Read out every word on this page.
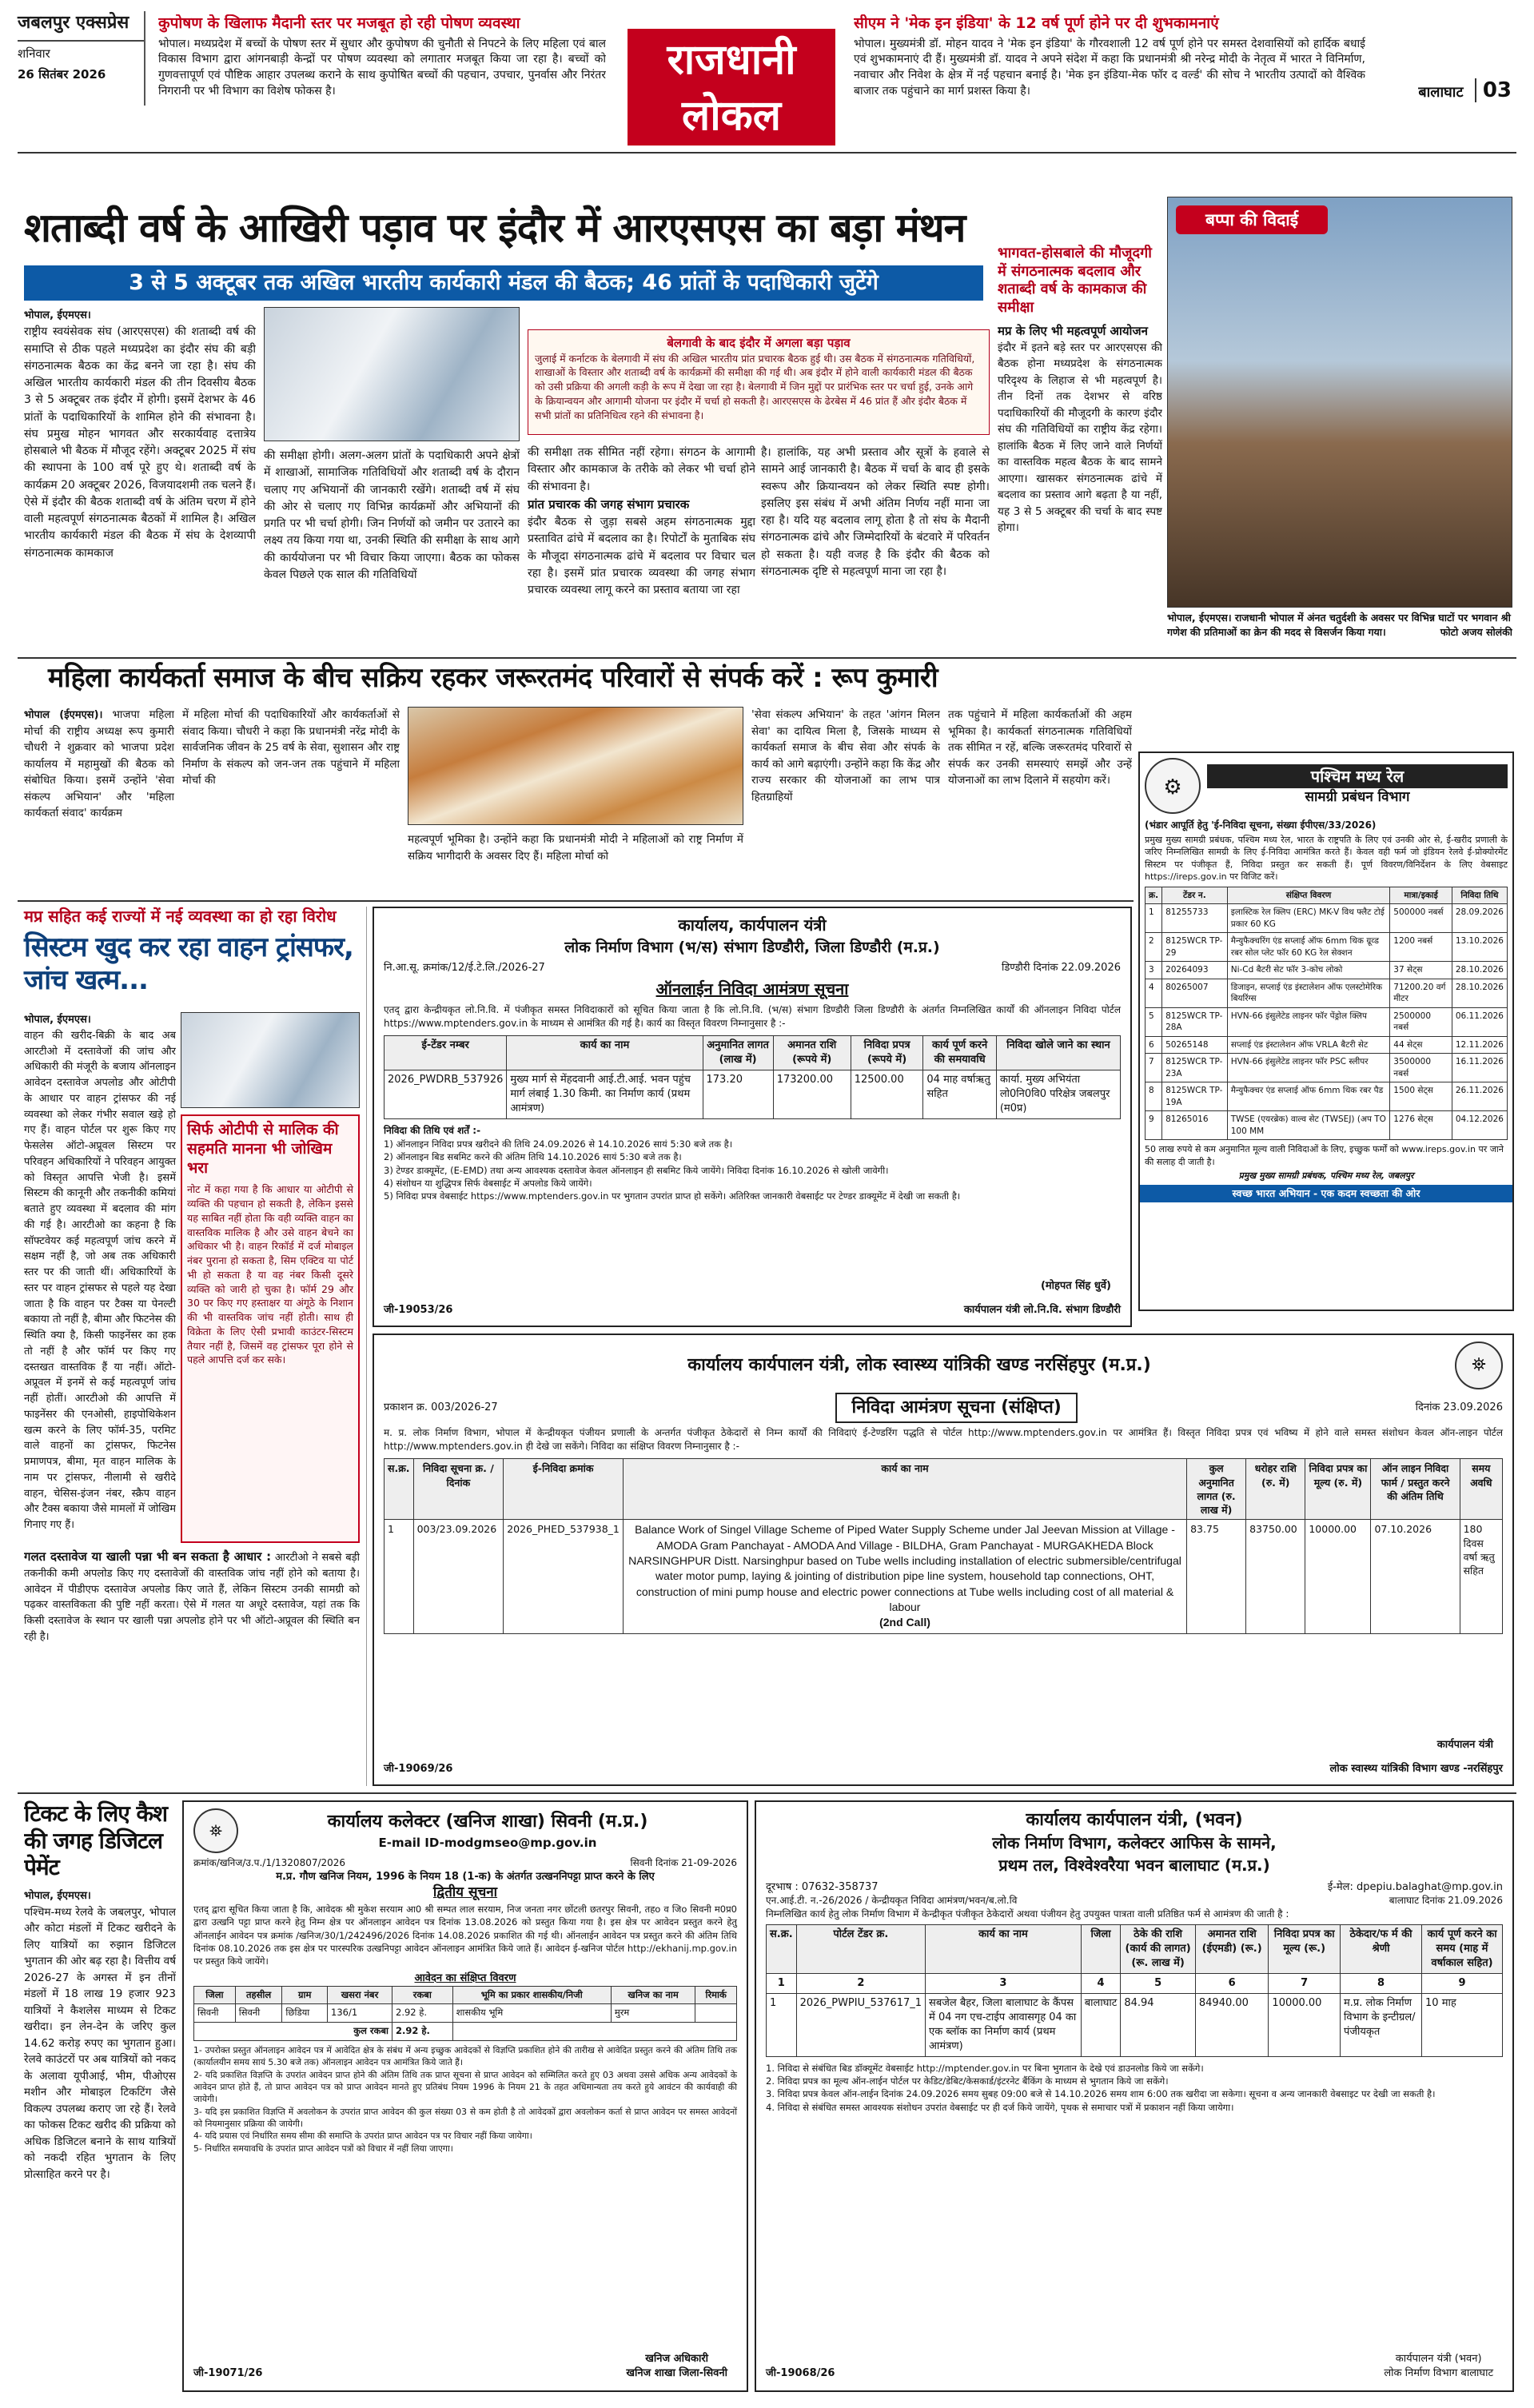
जबलपुर एक्सप्रेस
शनिवार
26 सितंबर 2026
कुपोषण के खिलाफ मैदानी स्तर पर मजबूत हो रही पोषण व्यवस्था
भोपाल। मध्यप्रदेश में बच्चों के पोषण स्तर में सुधार और कुपोषण की चुनौती से निपटने के लिए महिला एवं बाल विकास विभाग द्वारा आंगनबाड़ी केन्द्रों पर पोषण व्यवस्था को लगातार मजबूत किया जा रहा है। बच्चों को गुणवत्तापूर्ण एवं पौष्टिक आहार उपलब्ध कराने के साथ कुपोषित बच्चों की पहचान, उपचार, पुनर्वास और निरंतर निगरानी पर भी विभाग का विशेष फोकस है।
राजधानी
लोकल
सीएम ने 'मेक इन इंडिया' के 12 वर्ष पूर्ण होने पर दी शुभकामनाएं
भोपाल। मुख्यमंत्री डॉ. मोहन यादव ने 'मेक इन इंडिया' के गौरवशाली 12 वर्ष पूर्ण होने पर समस्त देशवासियों को हार्दिक बधाई एवं शुभकामनाएं दी हैं। मुख्यमंत्री डॉ. यादव ने अपने संदेश में कहा कि प्रधानमंत्री श्री नरेन्द्र मोदी के नेतृत्व में भारत ने विनिर्माण, नवाचार और निवेश के क्षेत्र में नई पहचान बनाई है। 'मेक इन इंडिया-मेक फॉर द वर्ल्ड' की सोच ने भारतीय उत्पादों को वैश्विक बाजार तक पहुंचाने का मार्ग प्रशस्त किया है।	बालाघाट 03
शताब्दी वर्ष के आखिरी पड़ाव पर इंदौर में आरएसएस का बड़ा मंथन
3 से 5 अक्टूबर तक अखिल भारतीय कार्यकारी मंडल की बैठक; 46 प्रांतों के पदाधिकारी जुटेंगे
भोपाल, ईएमएस।
राष्ट्रीय स्वयंसेवक संघ (आरएसएस) की शताब्दी वर्ष की समाप्ति से ठीक पहले मध्यप्रदेश का इंदौर संघ की बड़ी संगठनात्मक बैठक का केंद्र बनने जा रहा है। संघ की अखिल भारतीय कार्यकारी मंडल की तीन दिवसीय बैठक 3 से 5 अक्टूबर तक इंदौर में होगी। इसमें देशभर के 46 प्रांतों के पदाधिकारियों के शामिल होने की संभावना है। संघ प्रमुख मोहन भागवत और सरकार्यवाह दत्तात्रेय होसबाले भी बैठक में मौजूद रहेंगे। अक्टूबर 2025 में संघ की स्थापना के 100 वर्ष पूरे हुए थे। शताब्दी वर्ष के कार्यक्रम 20 अक्टूबर 2026, विजयादशमी तक चलने हैं। ऐसे में इंदौर की बैठक शताब्दी वर्ष के अंतिम चरण में होने वाली महत्वपूर्ण संगठनात्मक बैठकों में शामिल है। अखिल भारतीय कार्यकारी मंडल की बैठक में संघ के देशव्यापी संगठनात्मक कामकाज
की समीक्षा होगी। अलग-अलग प्रांतों के पदाधिकारी अपने क्षेत्रों में शाखाओं, सामाजिक गतिविधियों और शताब्दी वर्ष के दौरान चलाए गए अभियानों की जानकारी रखेंगे। शताब्दी वर्ष में संघ की ओर से चलाए गए विभिन्न कार्यक्रमों और अभियानों की प्रगति पर भी चर्चा होगी। जिन निर्णयों को जमीन पर उतारने का लक्ष्य तय किया गया था, उनकी स्थिति की समीक्षा के साथ आगे की कार्ययोजना पर भी विचार किया जाएगा। बैठक का फोकस केवल पिछले एक साल की गतिविधियों
बेलगावी के बाद इंदौर में अगला बड़ा पड़ाव
जुलाई में कर्नाटक के बेलगावी में संघ की अखिल भारतीय प्रांत प्रचारक बैठक हुई थी। उस बैठक में संगठनात्मक गतिविधियों, शाखाओं के विस्तार और शताब्दी वर्ष के कार्यक्रमों की समीक्षा की गई थी। अब इंदौर में होने वाली कार्यकारी मंडल की बैठक को उसी प्रक्रिया की अगली कड़ी के रूप में देखा जा रहा है। बेलगावी में जिन मुद्दों पर प्रारंभिक स्तर पर चर्चा हुई, उनके आगे के क्रियान्वयन और आगामी योजना पर इंदौर में चर्चा हो सकती है। आरएसएस के ढेरबेस में 46 प्रांत हैं और इंदौर बैठक में सभी प्रांतों का प्रतिनिधित्व रहने की संभावना है।
की समीक्षा तक सीमित नहीं रहेगा। संगठन के आगामी विस्तार और कामकाज के तरीके को लेकर भी चर्चा होने की संभावना है।
प्रांत प्रचारक की जगह संभाग प्रचारक
इंदौर बैठक से जुड़ा सबसे अहम संगठनात्मक मुद्दा प्रस्तावित ढांचे में बदलाव का है। रिपोर्टों के मुताबिक संघ के मौजूदा संगठनात्मक ढांचे में बदलाव पर विचार चल रहा है। इसमें प्रांत प्रचारक व्यवस्था की जगह संभाग प्रचारक व्यवस्था लागू करने का प्रस्ताव बताया जा रहा
है। हालांकि, यह अभी प्रस्ताव और सूत्रों के हवाले से सामने आई जानकारी है। बैठक में चर्चा के बाद ही इसके स्वरूप और क्रियान्वयन को लेकर स्थिति स्पष्ट होगी। इसलिए इस संबंध में अभी अंतिम निर्णय नहीं माना जा रहा है। यदि यह बदलाव लागू होता है तो संघ के मैदानी संगठनात्मक ढांचे और जिम्मेदारियों के बंटवारे में परिवर्तन हो सकता है। यही वजह है कि इंदौर की बैठक को संगठनात्मक दृष्टि से महत्वपूर्ण माना जा रहा है।
भागवत-होसबाले की मौजूदगी में संगठनात्मक बदलाव और शताब्दी वर्ष के कामकाज की समीक्षा
मप्र के लिए भी महत्वपूर्ण आयोजन
इंदौर में इतने बड़े स्तर पर आरएसएस की बैठक होना मध्यप्रदेश के संगठनात्मक परिदृश्य के लिहाज से भी महत्वपूर्ण है। तीन दिनों तक देशभर से वरिष्ठ पदाधिकारियों की मौजूदगी के कारण इंदौर संघ की गतिविधियों का राष्ट्रीय केंद्र रहेगा। हालांकि बैठक में लिए जाने वाले निर्णयों का वास्तविक महत्व बैठक के बाद सामने आएगा। खासकर संगठनात्मक ढांचे में बदलाव का प्रस्ताव आगे बढ़ता है या नहीं, यह 3 से 5 अक्टूबर की चर्चा के बाद स्पष्ट होगा।
बप्पा की विदाई
भोपाल, ईएमएस। राजधानी भोपाल में अंनत चतुर्दशी के अवसर पर विभिन्न घाटों पर भगवान श्री गणेश की प्रतिमाओं का क्रेन की मदद से विसर्जन किया गया।	फोटो अजय सोलंकी
महिला कार्यकर्ता समाज के बीच सक्रिय रहकर जरूरतमंद परिवारों से संपर्क करें : रूप कुमारी
भोपाल (ईएमएस)। भाजपा महिला मोर्चा की राष्ट्रीय अध्यक्ष रूप कुमारी चौधरी ने शुक्रवार को भाजपा प्रदेश कार्यालय में महामुखों की बैठक को संबोधित किया। इसमें उन्होंने 'सेवा संकल्प अभियान' और 'महिला कार्यकर्ता संवाद' कार्यक्रम
में महिला मोर्चा की पदाधिकारियों और कार्यकर्ताओं से संवाद किया। चौधरी ने कहा कि प्रधानमंत्री नरेंद्र मोदी के सार्वजनिक जीवन के 25 वर्ष के सेवा, सुशासन और राष्ट्र निर्माण के संकल्प को जन-जन तक पहुंचाने में महिला मोर्चा की
महत्वपूर्ण भूमिका है। उन्होंने कहा कि प्रधानमंत्री मोदी ने महिलाओं को राष्ट्र निर्माण में सक्रिय भागीदारी के अवसर दिए हैं। महिला मोर्चा को
'सेवा संकल्प अभियान' के तहत 'आंगन मिलन सेवा' का दायित्व मिला है, जिसके माध्यम से कार्यकर्ता समाज के बीच सेवा और संपर्क के कार्य को आगे बढ़ाएंगी। उन्होंने कहा कि केंद्र और राज्य सरकार की योजनाओं का लाभ पात्र हितग्राहियों
तक पहुंचाने में महिला कार्यकर्ताओं की अहम भूमिका है। कार्यकर्ता संगठनात्मक गतिविधियों तक सीमित न रहें, बल्कि जरूरतमंद परिवारों से संपर्क कर उनकी समस्याएं समझें और उन्हें योजनाओं का लाभ दिलाने में सहयोग करें।	⚙	पश्चिम मध्य रेल
सामग्री प्रबंधन विभाग
(भंडार आपूर्ति हेतु 'ई-निविदा सूचना, संख्या ईपीएस/33/2026)
प्रमुख मुख्य सामग्री प्रबंधक, पश्चिम मध्य रेल, भारत के राष्ट्रपति के लिए एवं उनकी ओर से, ई-खरीद प्रणाली के जरिए निम्नलिखित सामग्री के लिए ई-निविदा आमंत्रित करते हैं। केवल वही फर्म जो इंडियन रेलवे ई-प्रोक्योरमेंट सिस्टम पर पंजीकृत हैं, निविदा प्रस्तुत कर सकती हैं। पूर्ण विवरण/विनिर्देशन के लिए वेबसाइट https://ireps.gov.in पर विजिट करें।
क्र.	टेंडर न.	संक्षिप्त विवरण	मात्रा/इकाई	निविदा तिथि
1	81255733	इलास्टिक रेल क्लिप (ERC) MK-V विथ फ्लैट टोई प्रकार 60 KG	500000 नबर्स	28.09.2026
2	8125WCR TP-29	मैन्युफैक्चरिंग एंड सप्लाई ऑफ 6mm थिक ग्रूव्ड रबर सोल प्लेट फॉर 60 KG रेल सेक्शन	1200 नबर्स	13.10.2026
3	20264093	Ni-Cd बैटरी सेट फॉर 3-कोच लोको	37 सेट्स	28.10.2026
4	80265007	डिजाइन, सप्लाई एंड इंस्टालेशन ऑफ एलस्टोमेरिक बियरिंग्स	71200.20 वर्ग मीटर	28.10.2026
5	8125WCR TP-28A	HVN-66 इंसुलेटेड लाइनर फॉर पेंड्रोल क्लिप	2500000 नबर्स	06.11.2026
6	50265148	सप्लाई एंड इंस्टालेशन ऑफ VRLA बैटरी सेट	44 सेट्स	12.11.2026
7	8125WCR TP-23A	HVN-66 इंसुलेटेड लाइनर फॉर PSC स्लीपर	3500000 नबर्स	16.11.2026
8	8125WCR TP-19A	मैन्युफैक्चर एंड सप्लाई ऑफ 6mm थिक रबर पैड	1500 सेट्स	26.11.2026
9	81265016	TWSE (एयरब्रेक) वाल्व सेट (TWSEJ) (अप TO 100 MM	1276 सेट्स	04.12.2026
50 लाख रुपये से कम अनुमानित मूल्य वाली निविदाओं के लिए, इच्छुक फर्मों को www.ireps.gov.in पर जाने की सलाह दी जाती है।
प्रमुख मुख्य सामग्री प्रबंधक, पश्चिम मध्य रेल, जबलपुर
स्वच्छ भारत अभियान - एक कदम स्वच्छता की ओर
मप्र सहित कई राज्यों में नई व्यवस्था का हो रहा विरोध
सिस्टम खुद कर रहा वाहन ट्रांसफर, जांच खत्म...
भोपाल, ईएमएस।
वाहन की खरीद-बिक्री के बाद अब आरटीओ में दस्तावेजों की जांच और अधिकारी की मंजूरी के बजाय ऑनलाइन आवेदन दस्तावेज अपलोड और ओटीपी के आधार पर वाहन ट्रांसफर की नई व्यवस्था को लेकर गंभीर सवाल खड़े हो गए हैं। वाहन पोर्टल पर शुरू किए गए फेसलेस ऑटो-अप्रूवल सिस्टम पर परिवहन अधिकारियों ने परिवहन आयुक्त को विस्तृत आपत्ति भेजी है। इसमें सिस्टम की कानूनी और तकनीकी कमियां बताते हुए व्यवस्था में बदलाव की मांग की गई है। आरटीओ का कहना है कि सॉफ्टवेयर कई महत्वपूर्ण जांच करने में सक्षम नहीं है, जो अब तक अधिकारी स्तर पर की जाती थीं। अधिकारियों के स्तर पर वाहन ट्रांसफर से पहले यह देखा जाता है कि वाहन पर टैक्स या पेनल्टी बकाया तो नहीं है, बीमा और फिटनेस की स्थिति क्या है, किसी फाइनेंसर का हक तो नहीं है और फॉर्म पर किए गए दस्तखत वास्तविक हैं या नहीं। ऑटो-अप्रूवल में इनमें से कई महत्वपूर्ण जांच नहीं होतीं। आरटीओ की आपत्ति में फाइनेंसर की एनओसी, हाइपोथिकेशन खत्म करने के लिए फॉर्म-35, परमिट वाले वाहनों का ट्रांसफर, फिटनेस प्रमाणपत्र, बीमा, मृत वाहन मालिक के नाम पर ट्रांसफर, नीलामी से खरीदे वाहन, चेसिस-इंजन नंबर, स्क्रैप वाहन और टैक्स बकाया जैसे मामलों में जोखिम गिनाए गए हैं।
सिर्फ ओटीपी से मालिक की सहमति मानना भी जोखिम भरा
नोट में कहा गया है कि आधार या ओटीपी से व्यक्ति की पहचान हो सकती है, लेकिन इससे यह साबित नहीं होता कि वही व्यक्ति वाहन का वास्तविक मालिक है और उसे वाहन बेचने का अधिकार भी है। वाहन रिकॉर्ड में दर्ज मोबाइल नंबर पुराना हो सकता है, सिम एक्टिव या पोर्ट भी हो सकता है या वह नंबर किसी दूसरे व्यक्ति को जारी हो चुका है। फॉर्म 29 और 30 पर किए गए हस्ताक्षर या अंगूठे के निशान की भी वास्तविक जांच नहीं होती। साथ ही विक्रेता के लिए ऐसी प्रभावी काउंटर-सिस्टम तैयार नहीं है, जिसमें वह ट्रांसफर पूरा होने से पहले आपत्ति दर्ज कर सके।
गलत दस्तावेज या खाली पन्ना भी बन सकता है आधार : आरटीओ ने सबसे बड़ी तकनीकी कमी अपलोड किए गए दस्तावेजों की वास्तविक जांच नहीं होने को बताया है। आवेदन में पीडीएफ दस्तावेज अपलोड किए जाते हैं, लेकिन सिस्टम उनकी सामग्री को पढ़कर वास्तविकता की पुष्टि नहीं करता। ऐसे में गलत या अधूरे दस्तावेज, यहां तक कि किसी दस्तावेज के स्थान पर खाली पन्ना अपलोड होने पर भी ऑटो-अप्रूवल की स्थिति बन रही है।
कार्यालय, कार्यपालन यंत्री
लोक निर्माण विभाग (भ/स) संभाग डिण्डौरी, जिला डिण्डौरी (म.प्र.)
नि.आ.सू. क्रमांक/12/ई.टे.लि./2026-27	डिण्डौरी दिनांक 22.09.2026
ऑनलाईन निविदा आमंत्रण सूचना
एतद् द्वारा केन्द्रीयकृत लो.नि.वि. में पंजीकृत समस्त निविदाकारों को सूचित किया जाता है कि लो.नि.वि. (भ/स) संभाग डिण्डौरी जिला डिण्डौरी के अंतर्गत निम्नलिखित कार्यों की ऑनलाइन निविदा पोर्टल https://www.mptenders.gov.in के माध्यम से आमंत्रित की गई है। कार्य का विस्तृत विवरण निम्नानुसार है :-
ई-टेंडर नम्बर	कार्य का नाम	अनुमानित लागत (लाख में)	अमानत राशि (रूपये में)	निविदा प्रपत्र (रूपये में)	कार्य पूर्ण करने की समयावधि	निविदा खोले जाने का स्थान
2026_PWDRB_537926	मुख्य मार्ग से मेंहदवानी आई.टी.आई. भवन पहुंच मार्ग लंबाई 1.30 किमी. का निर्माण कार्य (प्रथम आमंत्रण)	173.20	173200.00	12500.00	04 माह वर्षाऋतु सहित	कार्या. मुख्य अभियंता लो0नि0वि0 परिक्षेत्र जबलपुर (म0प्र)
निविदा की तिथि एवं शर्तें :-
1) ऑनलाइन निविदा प्रपत्र खरीदने की तिथि 24.09.2026 से 14.10.2026 सायं 5:30 बजे तक है।
2) ऑनलाइन बिड सबमिट करने की अंतिम तिथि 14.10.2026 सायं 5:30 बजे तक है।
3) टेण्डर डाक्यूमेंट, (E-EMD) तथा अन्य आवश्यक दस्तावेज केवल ऑनलाइन ही सबमिट किये जायेंगे। निविदा दिनांक 16.10.2026 से खोली जावेगी।
4) संशोधन या शुद्धिपत्र सिर्फ वेबसाईट में अपलोड किये जायेंगे।
5) निविदा प्रपत्र वेबसाईट https://www.mptenders.gov.in पर भुगतान उपरांत प्राप्त हो सकेंगे। अतिरिक्त जानकारी वेबसाईट पर टेण्डर डाक्यूमेंट में देखी जा सकती है।
(मोहपत सिंह धुर्वे)
जी-19053/26	कार्यपालन यंत्री लो.नि.वि. संभाग डिण्डौरी
कार्यालय कार्यपालन यंत्री, लोक स्वास्थ्य यांत्रिकी खण्ड नरसिंहपुर (म.प्र.)	⛯
प्रकाशन क्र. 003/2026-27	निविदा आमंत्रण सूचना (संक्षिप्त)	दिनांक 23.09.2026
म. प्र. लोक निर्माण विभाग, भोपाल में केन्द्रीयकृत पंजीयन प्रणाली के अन्तर्गत पंजीकृत ठेकेदारों से निम्न कार्यों की निविदाएं ई-टेण्डरिंग पद्धति से पोर्टल http://www.mptenders.gov.in पर आमंत्रित हैं। विस्तृत निविदा प्रपत्र एवं भविष्य में होने वाले समस्त संशोधन केवल ऑन-लाइन पोर्टल http://www.mptenders.gov.in ही देखे जा सकेंगे। निविदा का संक्षिप्त विवरण निम्नानुसार है :-
स.क्र.	निविदा सूचना क्र. / दिनांक	ई-निविदा क्रमांक	कार्य का नाम	कुल अनुमानित लागत (रु. लाख में)	धरोहर राशि (रु. में)	निविदा प्रपत्र का मूल्य (रु. में)	ऑन लाइन निविदा फार्म / प्रस्तुत करने की अंतिम तिथि	समय अवधि
1	003/23.09.2026	2026_PHED_537938_1	Balance Work of Singel Village Scheme of Piped Water Supply Scheme under Jal Jeevan Mission at Village - AMODA Gram Panchayat - AMODA And Village - BILDHA, Gram Panchayat - MURGAKHEDA Block NARSINGHPUR Distt. Narsinghpur based on Tube wells including installation of electric submersible/centrifugal water motor pump, laying & jointing of distribution pipe line system, household tap connections, OHT, construction of mini pump house and electric power connections at Tube wells including cost of all material & labour
(2nd Call)	83.75	83750.00	10000.00	07.10.2026	180 दिवस वर्षा ऋतु सहित
कार्यपालन यंत्री
जी-19069/26	लोक स्वास्थ्य यांत्रिकी विभाग खण्ड -नरसिंहपुर
टिकट के लिए कैश की जगह डिजिटल पेमेंट
भोपाल, ईएमएस।
पश्चिम-मध्य रेलवे के जबलपुर, भोपाल और कोटा मंडलों में टिकट खरीदने के लिए यात्रियों का रुझान डिजिटल भुगतान की ओर बढ़ रहा है। वित्तीय वर्ष 2026-27 के अगस्त में इन तीनों मंडलों में 18 लाख 19 हजार 923 यात्रियों ने कैशलेस माध्यम से टिकट खरीदा। इन लेन-देन के जरिए कुल 14.62 करोड़ रुपए का भुगतान हुआ। रेलवे काउंटरों पर अब यात्रियों को नकद के अलावा यूपीआई, भीम, पीओएस मशीन और मोबाइल टिकटिंग जैसे विकल्प उपलब्ध कराए जा रहे हैं। रेलवे का फोकस टिकट खरीद की प्रक्रिया को अधिक डिजिटल बनाने के साथ यात्रियों को नकदी रहित भुगतान के लिए प्रोत्साहित करने पर है।
⛯	कार्यालय कलेक्टर (खनिज शाखा) सिवनी (म.प्र.)
E-mail ID-modgmseo@mp.gov.in
क्रमांक/खनिज/उ.प./1/1320807/2026	सिवनी दिनांक 21-09-2026
म.प्र. गौण खनिज नियम, 1996 के नियम 18 (1-क) के अंतर्गत उत्खननिपट्टा प्राप्त करने के लिए
द्वितीय सूचना
एतद् द्वारा सूचित किया जाता है कि, आवेदक श्री मुकेश सरयाम आ0 श्री सम्पत लाल सरयाम, निज जनता नगर छोंटली छतरपुर सिवनी, तहo व जिo सिवनी म0प्र0 द्वारा उत्खनि पट्टा प्राप्त करने हेतु निम्न क्षेत्र पर ऑनलाइन आवेदन पत्र दिनांक 13.08.2026 को प्रस्तुत किया गया है। इस क्षेत्र पर आवेदन प्रस्तुत करने हेतु ऑनलाईन आवेदन पत्र क्रमांक /खनिज/30/1/242496/2026 दिनांक 14.08.2026 प्रकाशित की गई थी। ऑनलाईन आवेदन पत्र प्रस्तुत करने की अंतिम तिथि दिनांक 08.10.2026 तक इस क्षेत्र पर पारस्परिक उत्खनिपट्टा आवेदन ऑनलाइन आमंत्रित किये जाते हैं। आवेदन ई-खनिज पोर्टल http://ekhanij.mp.gov.in पर प्रस्तुत किये जायेंगे।
आवेदन का संक्षिप्त विवरण
जिला	तहसील	ग्राम	खसरा नंबर	रकबा	भूमि का प्रकार शासकीय/निजी	खनिज का नाम	रिमार्क
सिवनी	सिवनी	छिडिया	136/1	2.92 हे.	शासकीय भूमि	मुरम	
कुल रकबा				2.92 हे.			
1- उपरोक्त प्रस्तुत ऑनलाइन आवेदन पत्र में आवेदित क्षेत्र के संबंध में अन्य इच्छुक आवेदकों से विज्ञप्ति प्रकाशित होने की तारीख से आवेदित प्रस्तुत करने की अंतिम तिथि तक (कार्यालयीन समय सायं 5.30 बजे तक) ऑनलाइन आवेदन पत्र आमंत्रित किये जाते हैं।
2- यदि प्रकाशित विज्ञप्ति के उपरांत आवेदन प्राप्त होने की अंतिम तिथि तक प्राप्त सूचना से प्राप्त आवेदन को सम्मिलित करते हुए 03 अथवा उससे अधिक अन्य आवेदकों के आवेदन प्राप्त होते हैं, तो प्राप्त आवेदन पत्र को प्राप्त आवेदन मानते हुए प्रतिबंध नियम 1996 के नियम 21 के तहत अधिमान्यता तय करते हुये आवंटन की कार्यवाही की जायेगी।
3- यदि इस प्रकाशित विज्ञप्ति में अवलोकन के उपरांत प्राप्त आवेदन की कुल संख्या 03 से कम होती है तो आवेदकों द्वारा अवलोकन कर्ता से प्राप्त आवेदन पर समस्त आवेदनों को नियमानुसार प्रक्रिया की जायेगी।
4- यदि प्रयास एवं निर्धारित समय सीमा की समाप्ति के उपरांत प्राप्त आवेदन पत्र पर विचार नहीं किया जायेगा।
5- निर्धारित समयावधि के उपरांत प्राप्त आवेदन पत्रों को विचार में नहीं लिया जाएगा।
खनिज अधिकारी
खनिज शाखा जिला-सिवनी
जी-19071/26
कार्यालय कार्यपालन यंत्री, (भवन)
लोक निर्माण विभाग, कलेक्टर आफिस के सामने,
प्रथम तल, विश्वेश्वरैया भवन बालाघाट (म.प्र.)
दूरभाष : 07632-358737	ई-मेल: dpepiu.balaghat@mp.gov.in
एन.आई.टी. न.-26/2026 / केन्द्रीयकृत निविदा आमंत्रण/भवन/ब.लो.वि	बालाघाट दिनांक 21.09.2026
निम्नलिखित कार्य हेतु लोक निर्माण विभाग में केन्द्रीकृत पंजीकृत ठेकेदारों अथवा पंजीयन हेतु उपयुक्त पात्रता वाली प्रतिष्ठित फर्म से आमंत्रण की जाती है :
स.क्र.	पोर्टल टेंडर क्र.	कार्य का नाम	जिला	ठेके की राशि (कार्य की लागत) (रू. लाख में)	अमानत राशि (ईएमडी) (रू.)	निविदा प्रपत्र का मूल्य (रू.)	ठेकेदार/फ र्म की श्रेणी	कार्य पूर्ण करने का समय (माह में वर्षाकाल सहित)
1	2	3	4	5	6	7	8	9
1	2026_PWPIU_537617_1	सबजेल बैहर, जिला बालाघाट के कैंपस में 04 नग एच-टाईप आवासगृह 04 का एक ब्लॉक का निर्माण कार्य (प्रथम आमंत्रण)	बालाघाट	84.94	84940.00	10000.00	म.प्र. लोक निर्माण विभाग के इन्टीग्रल/ पंजीयकृत	10 माह
1. निविदा से संबंधित बिड डॉक्यूमेंट वेबसाईट http://mptender.gov.in पर बिना भुगतान के देखे एवं डाउनलोड किये जा सकेंगे।
2. निविदा प्रपत्र का मूल्य ऑन-लाईन पोर्टल पर केडिट/डेबिट/केसकार्ड/इंटरनेट बैंकिंग के माध्यम से भुगतान किये जा सकेंगे।
3. निविदा प्रपत्र केवल ऑन-लाईन दिनांक 24.09.2026 समय सुबह 09:00 बजे से 14.10.2026 समय शाम 6:00 तक खरीदा जा सकेगा। सूचना व अन्य जानकारी वेबसाइट पर देखी जा सकती है।
4. निविदा से संबंधित समस्त आवश्यक संशोधन उपरांत वेबसाईट पर ही दर्ज किये जायेंगे, पृथक से समाचार पत्रों में प्रकाशन नहीं किया जायेगा।
कार्यपालन यंत्री (भवन)
लोक निर्माण विभाग बालाघाट
जी-19068/26
